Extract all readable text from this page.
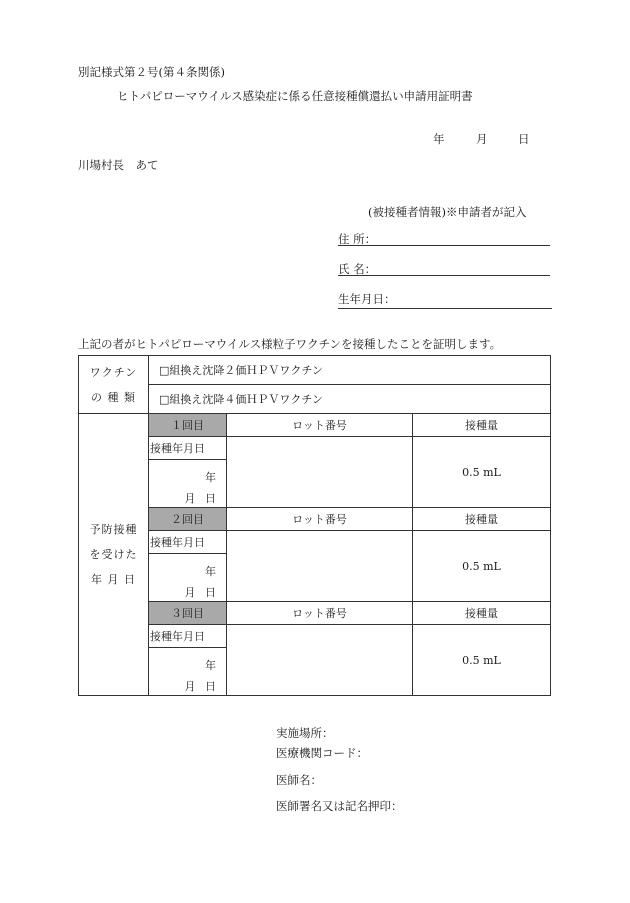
別記様式第２号(第４条関係)
ヒトパピローマウイルス感染症に係る任意接種償還払い申請用証明書
年	月	日
川場村長　あて
(被接種者情報)※申請者が記入
住 所：
氏 名：
生年月日：
上記の者がヒトパピローマウイルス様粒子ワクチンを接種したことを証明します。
ワクチン
の 種 類	□組換え沈降２価ＨＰＶワクチン		
	□組換え沈降４価ＨＰＶワクチン		

予防接種
を受けた
年 月 日	１回目	ロット番号	接種量
	接種年月日		0.5 mL

	年
月 日		

	２回目	ロット番号	接種量
	接種年月日		0.5 mL

	年
月 日		

	３回目	ロット番号	接種量
	接種年月日		0.5 mL

	年
月 日		
実施場所：
医療機関コード：
医師名：
医師署名又は記名押印：
